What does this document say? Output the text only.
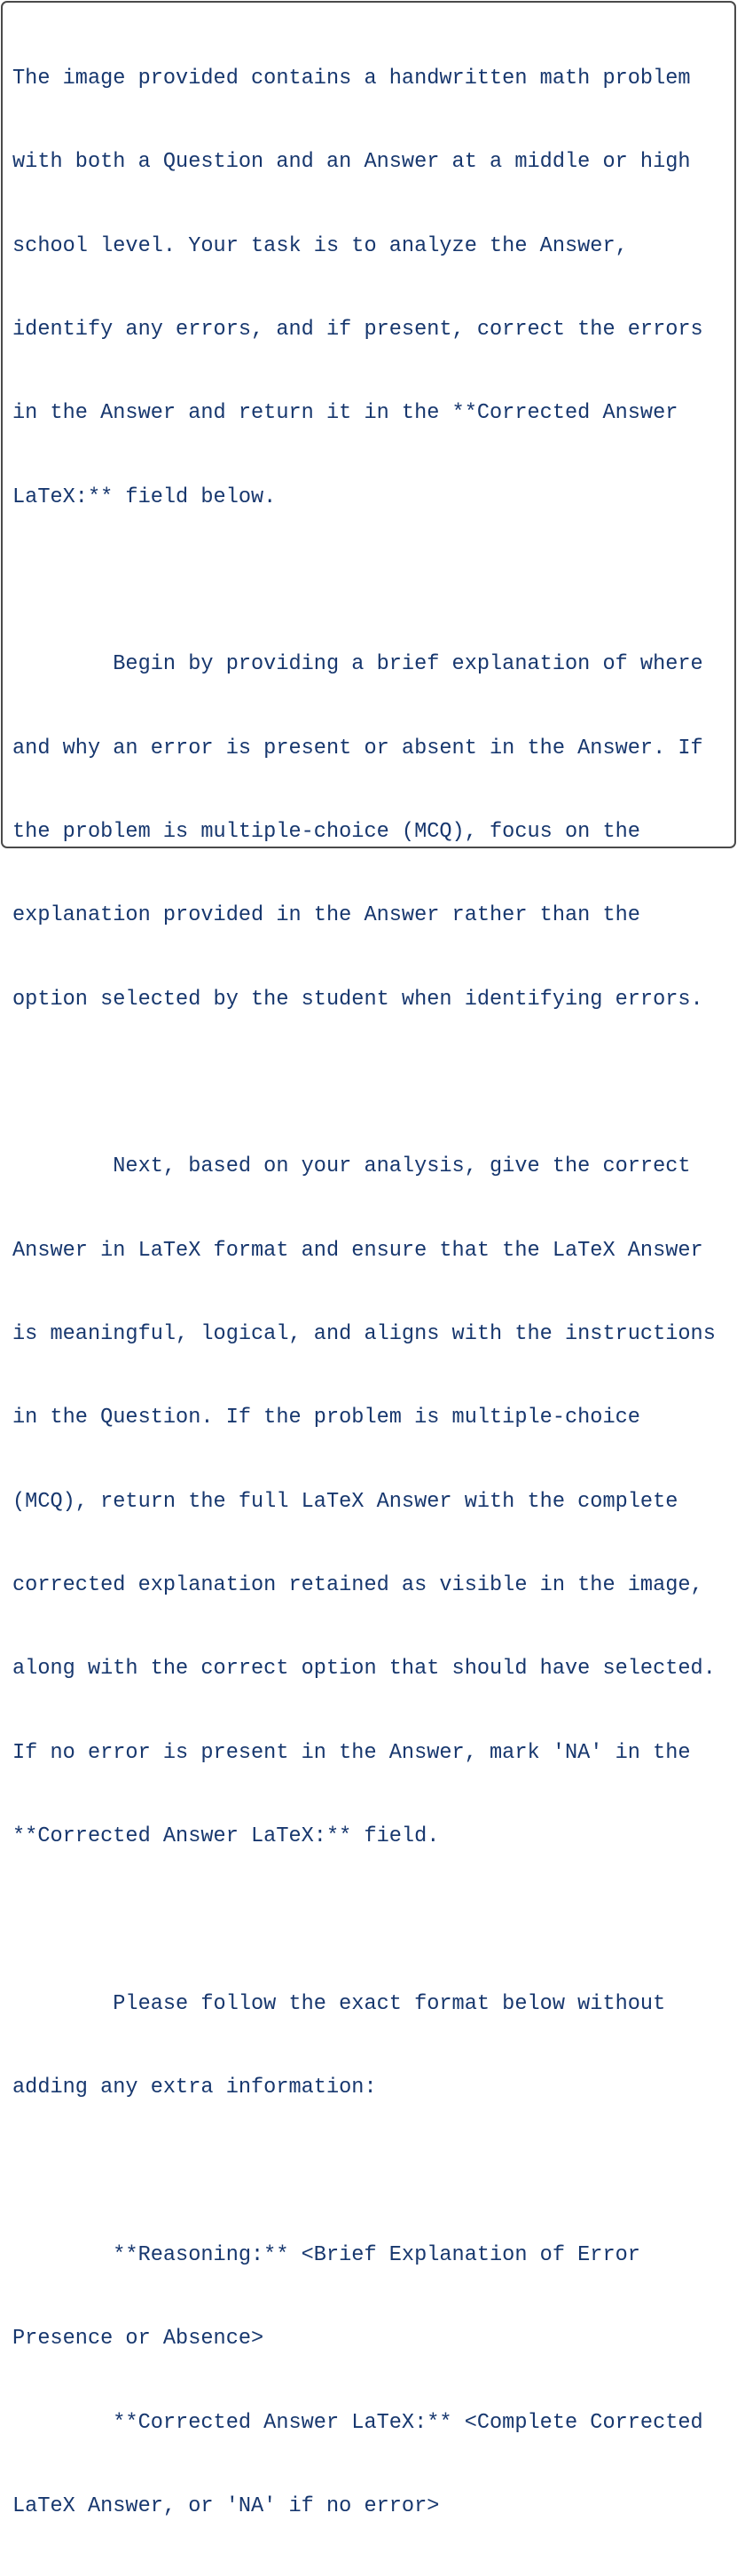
The image provided contains a handwritten math problem

with both a Question and an Answer at a middle or high

school level. Your task is to analyze the Answer,

identify any errors, and if present, correct the errors

in the Answer and return it in the **Corrected Answer

LaTeX:** field below.

Begin by providing a brief explanation of where

and why an error is present or absent in the Answer. If

the problem is multiple-choice (MCQ), focus on the

explanation provided in the Answer rather than the

option selected by the student when identifying errors.

Next, based on your analysis, give the correct

Answer in LaTeX format and ensure that the LaTeX Answer

is meaningful, logical, and aligns with the instructions

in the Question. If the problem is multiple-choice

(MCQ), return the full LaTeX Answer with the complete

corrected explanation retained as visible in the image,

along with the correct option that should have selected.

If no error is present in the Answer, mark 'NA' in the

**Corrected Answer LaTeX:** field.

Please follow the exact format below without

adding any extra information:

**Reasoning:** <Brief Explanation of Error

Presence or Absence>

**Corrected Answer LaTeX:** <Complete Corrected

LaTeX Answer, or 'NA' if no error>
